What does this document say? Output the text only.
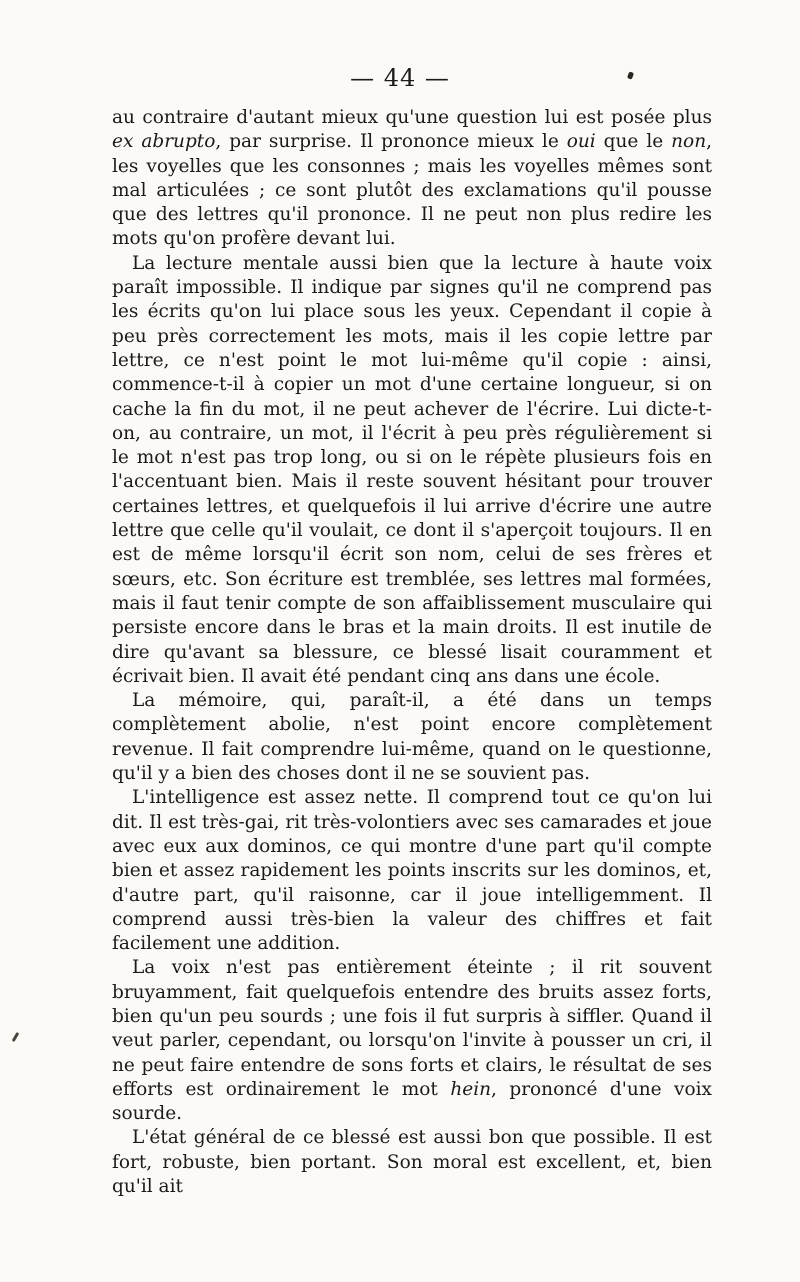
— 44 —

au contraire d'autant mieux qu'une question lui est posée plus ex abrupto, par surprise. Il prononce mieux le oui que le non, les voyelles que les consonnes ; mais les voyelles mêmes sont mal articulées ; ce sont plutôt des exclamations qu'il pousse que des lettres qu'il prononce. Il ne peut non plus redire les mots qu'on profère devant lui.

La lecture mentale aussi bien que la lecture à haute voix paraît impossible. Il indique par signes qu'il ne comprend pas les écrits qu'on lui place sous les yeux. Cependant il copie à peu près correctement les mots, mais il les copie lettre par lettre, ce n'est point le mot lui-même qu'il copie : ainsi, commence-t-il à copier un mot d'une certaine longueur, si on cache la fin du mot, il ne peut achever de l'écrire. Lui dicte-t-on, au contraire, un mot, il l'écrit à peu près régulièrement si le mot n'est pas trop long, ou si on le répète plusieurs fois en l'accentuant bien. Mais il reste souvent hésitant pour trouver certaines lettres, et quelquefois il lui arrive d'écrire une autre lettre que celle qu'il voulait, ce dont il s'aperçoit toujours. Il en est de même lorsqu'il écrit son nom, celui de ses frères et sœurs, etc. Son écriture est tremblée, ses lettres mal formées, mais il faut tenir compte de son affaiblissement musculaire qui persiste encore dans le bras et la main droits. Il est inutile de dire qu'avant sa blessure, ce blessé lisait couramment et écrivait bien. Il avait été pendant cinq ans dans une école.

La mémoire, qui, paraît-il, a été dans un temps complètement abolie, n'est point encore complètement revenue. Il fait comprendre lui-même, quand on le questionne, qu'il y a bien des choses dont il ne se souvient pas.

L'intelligence est assez nette. Il comprend tout ce qu'on lui dit. Il est très-gai, rit très-volontiers avec ses camarades et joue avec eux aux dominos, ce qui montre d'une part qu'il compte bien et assez rapidement les points inscrits sur les dominos, et, d'autre part, qu'il raisonne, car il joue intelligemment. Il comprend aussi très-bien la valeur des chiffres et fait facilement une addition.

La voix n'est pas entièrement éteinte ; il rit souvent bruyamment, fait quelquefois entendre des bruits assez forts, bien qu'un peu sourds ; une fois il fut surpris à siffler. Quand il veut parler, cependant, ou lorsqu'on l'invite à pousser un cri, il ne peut faire entendre de sons forts et clairs, le résultat de ses efforts est ordinairement le mot hein, prononcé d'une voix sourde.

L'état général de ce blessé est aussi bon que possible. Il est fort, robuste, bien portant. Son moral est excellent, et, bien qu'il ait
